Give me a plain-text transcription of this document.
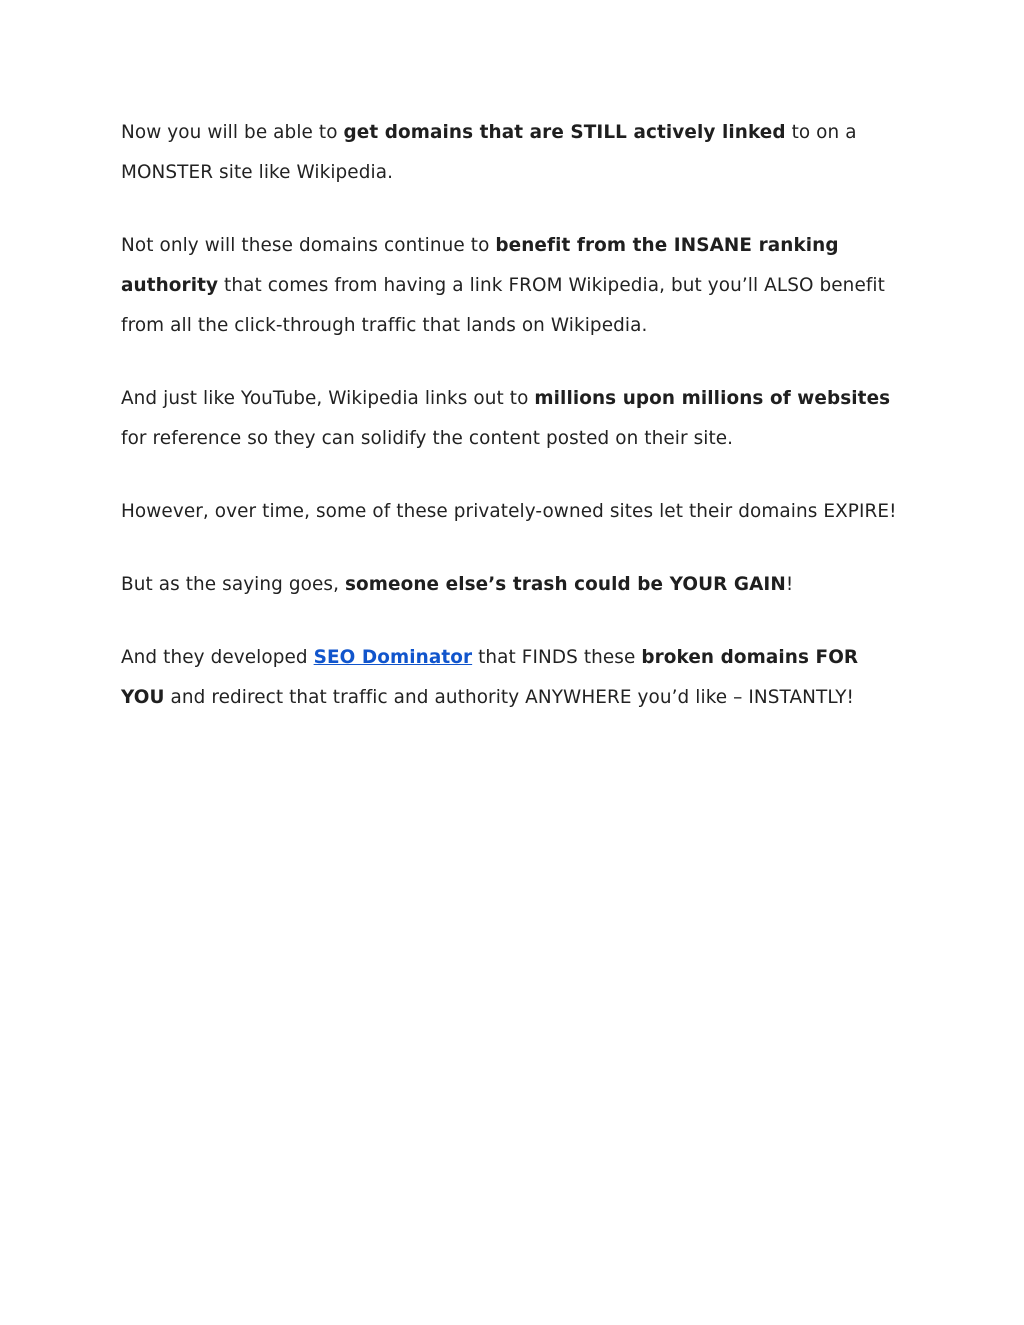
Now you will be able to get domains that are STILL actively linked to on a MONSTER site like Wikipedia.

Not only will these domains continue to benefit from the INSANE ranking authority that comes from having a link FROM Wikipedia, but you’ll ALSO benefit from all the click-through traffic that lands on Wikipedia.

And just like YouTube, Wikipedia links out to millions upon millions of websites for reference so they can solidify the content posted on their site.

However, over time, some of these privately-owned sites let their domains EXPIRE!

But as the saying goes, someone else’s trash could be YOUR GAIN!

And they developed SEO Dominator that FINDS these broken domains FOR YOU and redirect that traffic and authority ANYWHERE you’d like – INSTANTLY!
